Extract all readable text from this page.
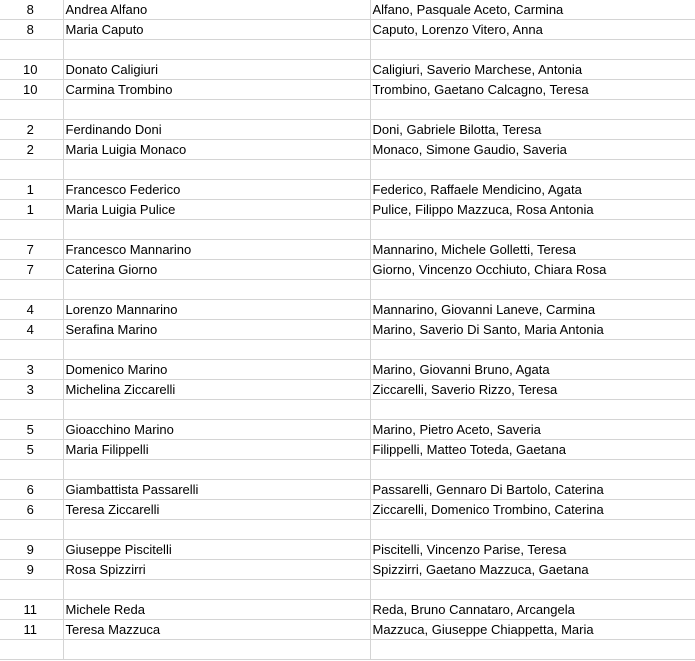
8	Andrea Alfano	Alfano, Pasquale Aceto, Carmina
8	Maria Caputo	Caputo, Lorenzo Vitero, Anna

10	Donato Caligiuri	Caligiuri, Saverio Marchese, Antonia
10	Carmina Trombino	Trombino, Gaetano Calcagno, Teresa

2	Ferdinando Doni	Doni, Gabriele Bilotta, Teresa
2	Maria Luigia Monaco	Monaco, Simone Gaudio, Saveria

1	Francesco Federico	Federico, Raffaele Mendicino, Agata
1	Maria Luigia Pulice	Pulice, Filippo Mazzuca, Rosa Antonia

7	Francesco Mannarino	Mannarino, Michele Golletti, Teresa
7	Caterina Giorno	Giorno, Vincenzo Occhiuto, Chiara Rosa

4	Lorenzo Mannarino	Mannarino, Giovanni Laneve, Carmina
4	Serafina Marino	Marino, Saverio Di Santo, Maria Antonia

3	Domenico Marino	Marino, Giovanni Bruno, Agata
3	Michelina Ziccarelli	Ziccarelli, Saverio Rizzo, Teresa

5	Gioacchino Marino	Marino, Pietro Aceto, Saveria
5	Maria Filippelli	Filippelli, Matteo Toteda, Gaetana

6	Giambattista Passarelli	Passarelli, Gennaro Di Bartolo, Caterina
6	Teresa Ziccarelli	Ziccarelli, Domenico Trombino, Caterina

9	Giuseppe Piscitelli	Piscitelli, Vincenzo Parise, Teresa
9	Rosa Spizzirri	Spizzirri, Gaetano Mazzuca, Gaetana

11	Michele Reda	Reda, Bruno Cannataro, Arcangela
11	Teresa Mazzuca	Mazzuca, Giuseppe Chiappetta, Maria
